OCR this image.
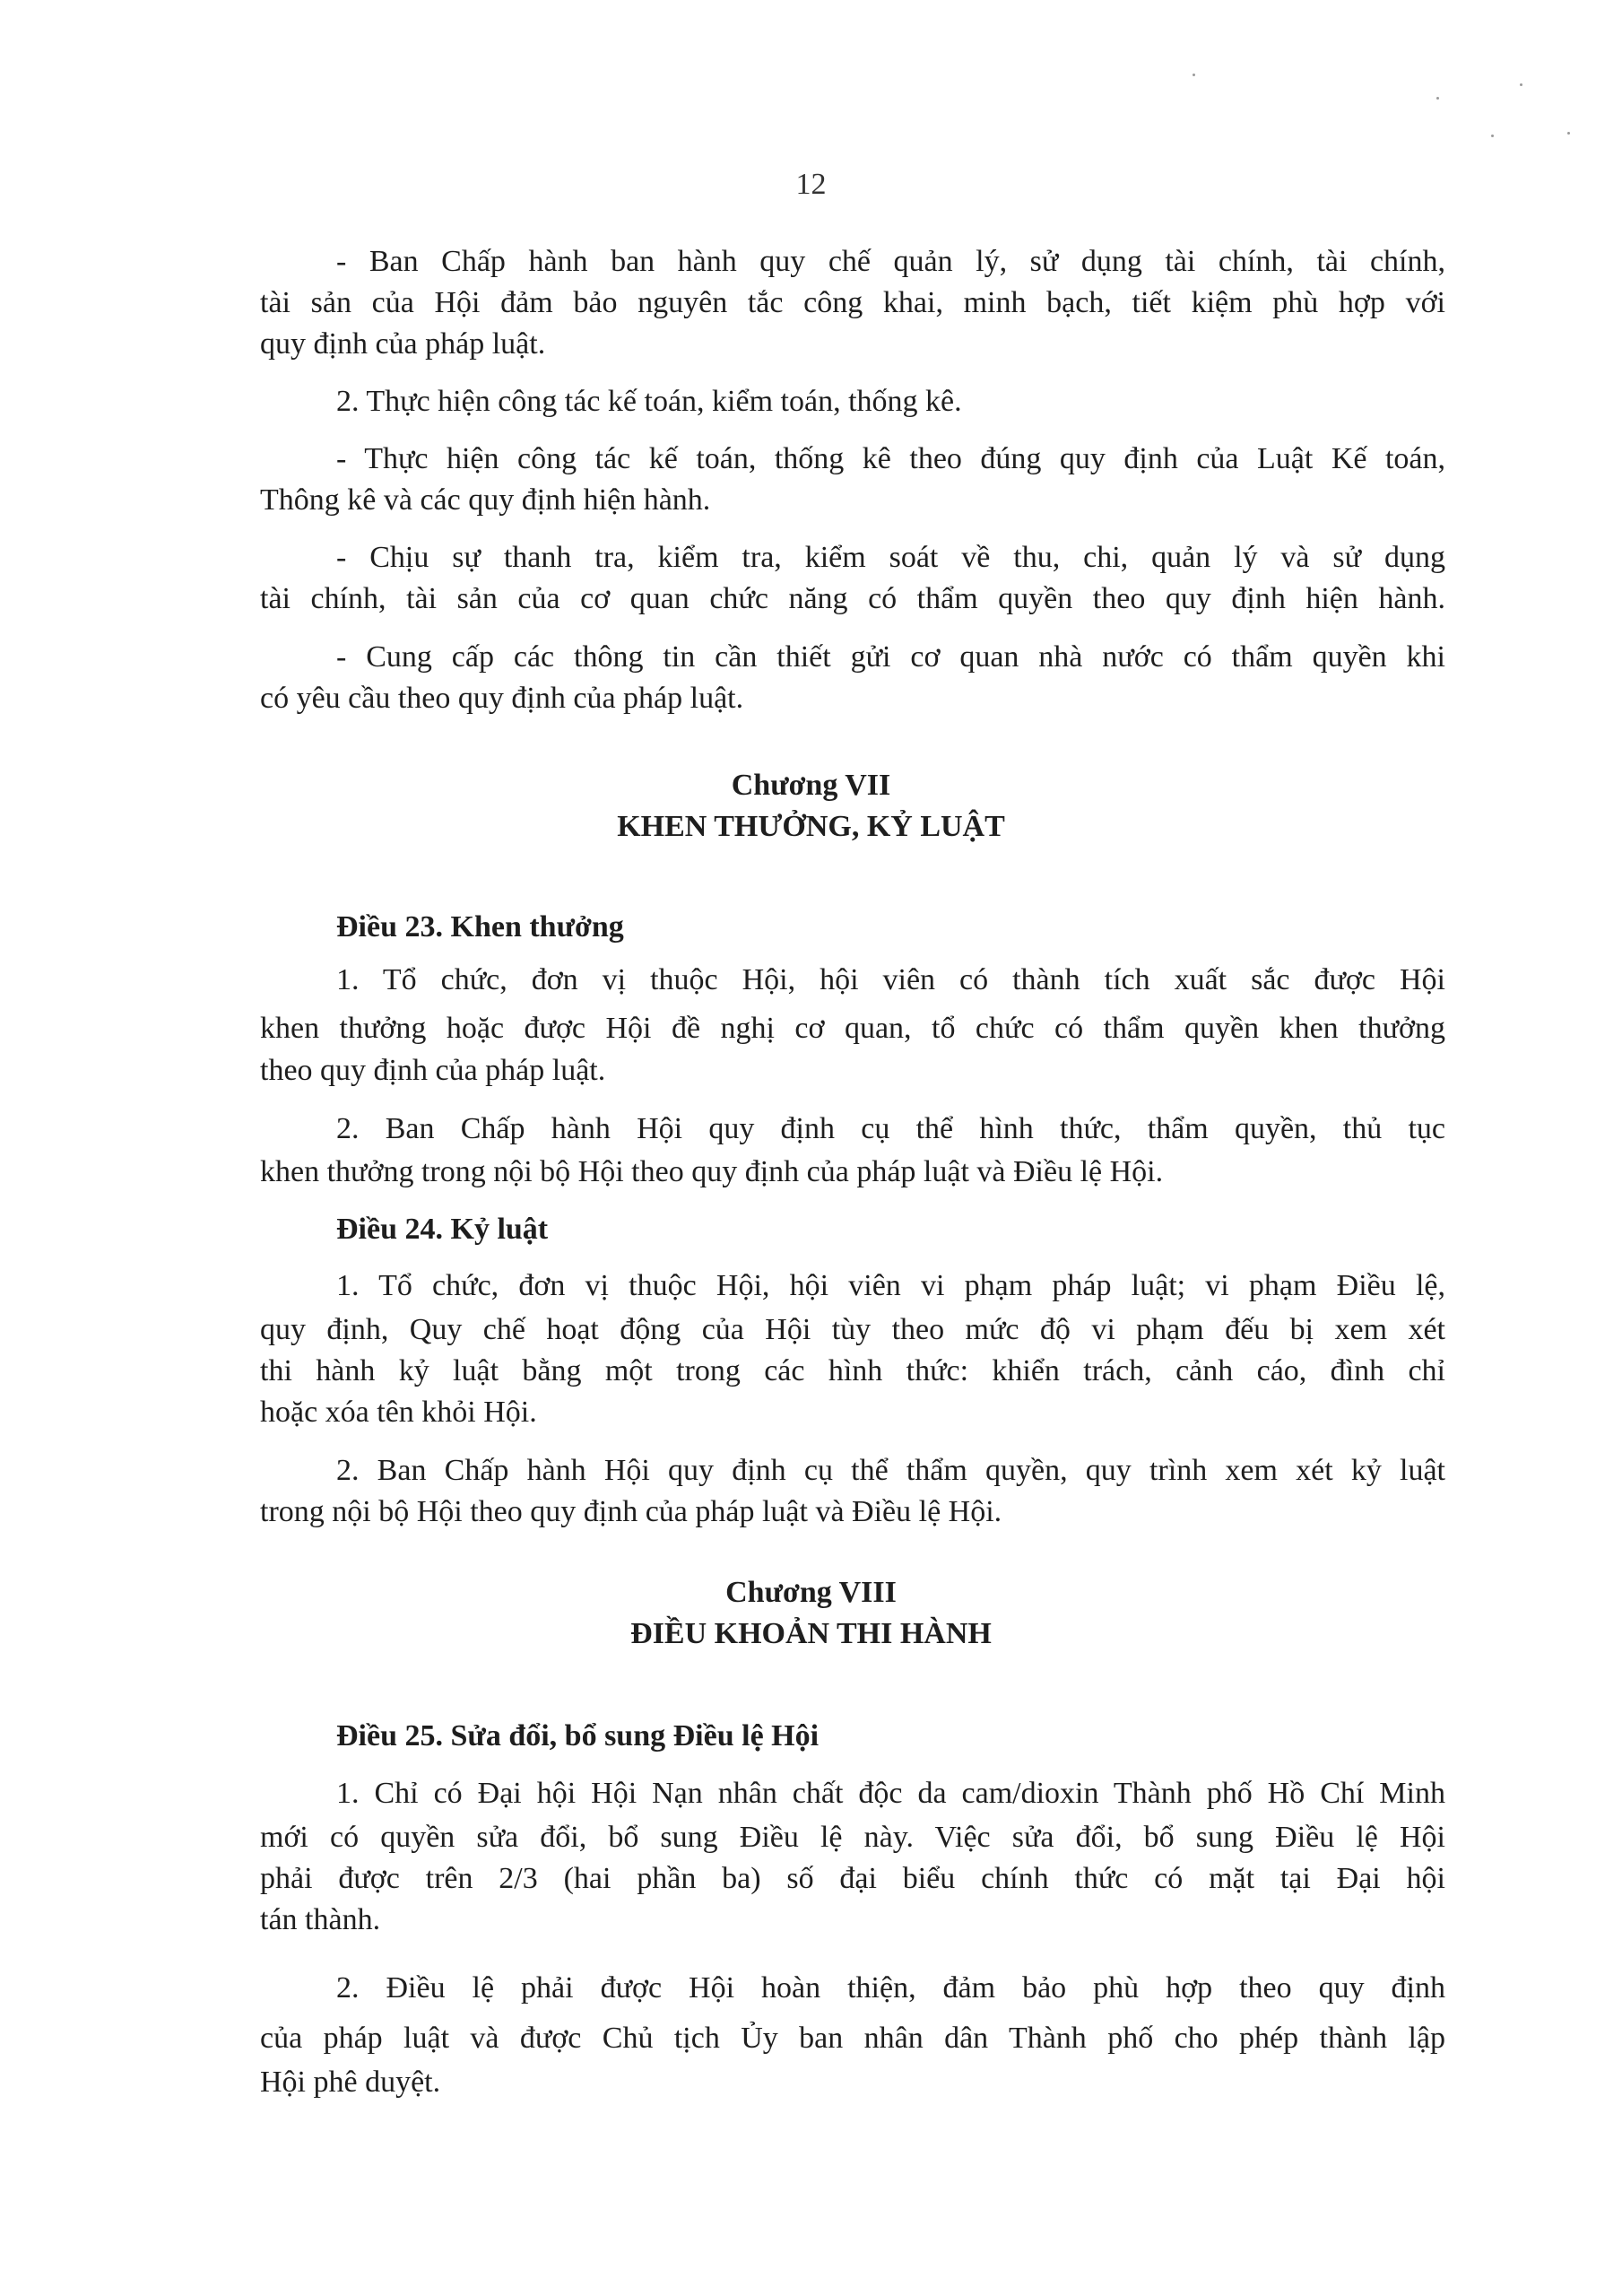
12
- Ban Chấp hành ban hành quy chế quản lý, sử dụng tài chính, tài chính,
tài sản của Hội đảm bảo nguyên tắc công khai, minh bạch, tiết kiệm phù hợp với
quy định của pháp luật.
2. Thực hiện công tác kế toán, kiểm toán, thống kê.
- Thực hiện công tác kế toán, thống kê theo đúng quy định của Luật Kế toán,
Thông kê và các quy định hiện hành.
- Chịu sự thanh tra, kiểm tra, kiểm soát về thu, chi, quản lý và sử dụng
tài chính, tài sản của cơ quan chức năng có thẩm quyền theo quy định hiện hành.
- Cung cấp các thông tin cần thiết gửi cơ quan nhà nước có thẩm quyền khi
có yêu cầu theo quy định của pháp luật.
Chương VII
KHEN THƯỞNG, KỶ LUẬT
Điều 23. Khen thưởng
1. Tổ chức, đơn vị thuộc Hội, hội viên có thành tích xuất sắc được Hội
khen thưởng hoặc được Hội đề nghị cơ quan, tổ chức có thẩm quyền khen thưởng
theo quy định của pháp luật.
2. Ban Chấp hành Hội quy định cụ thể hình thức, thẩm quyền, thủ tục
khen thưởng trong nội bộ Hội theo quy định của pháp luật và Điều lệ Hội.
Điều 24. Kỷ luật
1. Tổ chức, đơn vị thuộc Hội, hội viên vi phạm pháp luật; vi phạm Điều lệ,
quy định, Quy chế hoạt động của Hội tùy theo mức độ vi phạm đếu bị xem xét
thi hành kỷ luật bằng một trong các hình thức: khiển trách, cảnh cáo, đình chỉ
hoặc xóa tên khỏi Hội.
2. Ban Chấp hành Hội quy định cụ thể thẩm quyền, quy trình xem xét kỷ luật
trong nội bộ Hội theo quy định của pháp luật và Điều lệ Hội.
Chương VIII
ĐIỀU KHOẢN THI HÀNH
Điều 25. Sửa đổi, bổ sung Điều lệ Hội
1. Chỉ có Đại hội Hội Nạn nhân chất độc da cam/dioxin Thành phố Hồ Chí Minh
mới có quyền sửa đổi, bổ sung Điều lệ này. Việc sửa đổi, bổ sung Điều lệ Hội
phải được trên 2/3 (hai phần ba) số đại biểu chính thức có mặt tại Đại hội
tán thành.
2. Điều lệ phải được Hội hoàn thiện, đảm bảo phù hợp theo quy định
của pháp luật và được Chủ tịch Ủy ban nhân dân Thành phố cho phép thành lập
Hội phê duyệt.
